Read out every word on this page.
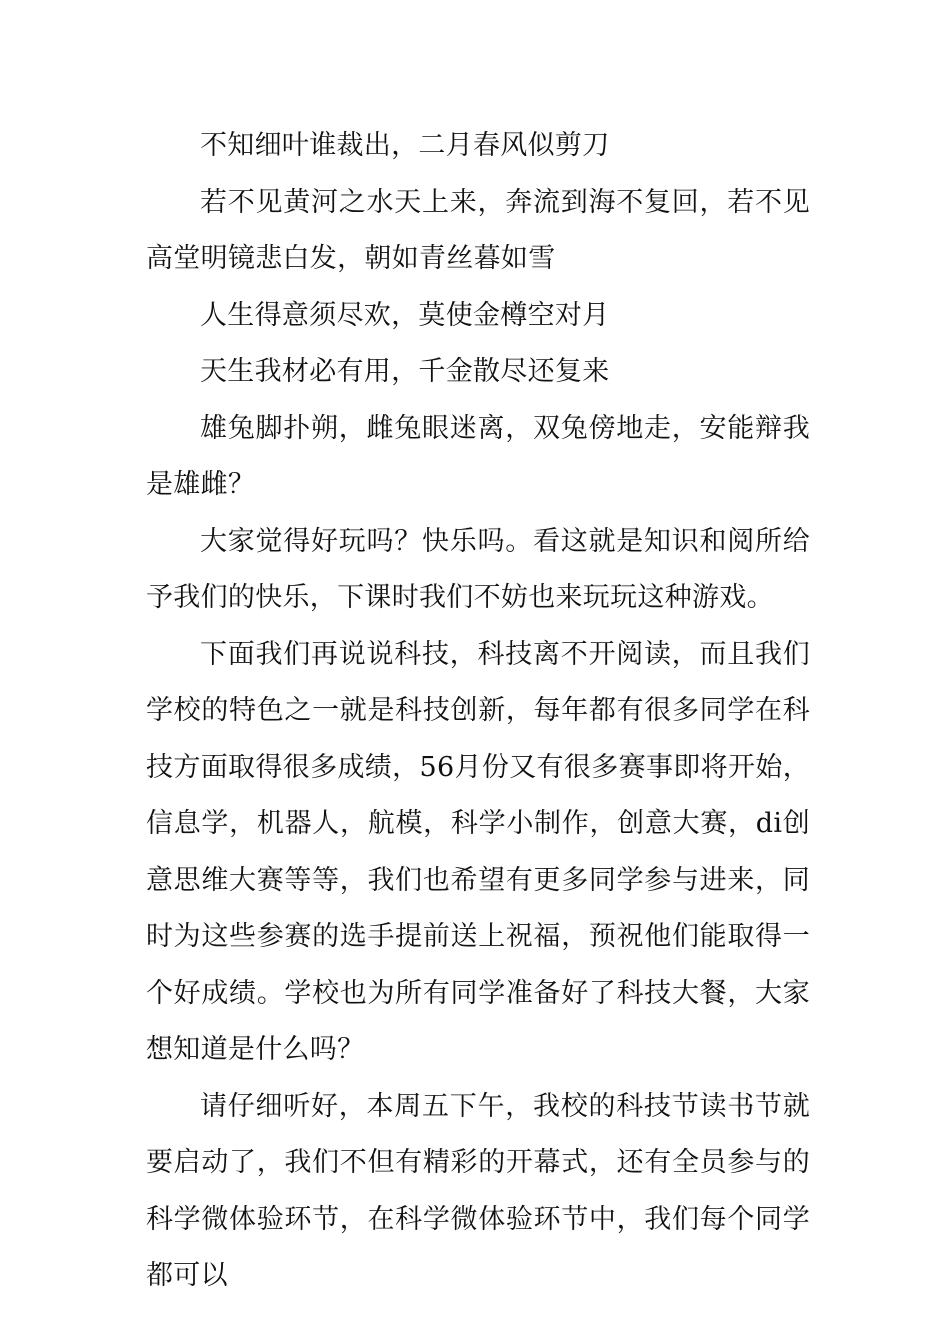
不知细叶谁裁出，二月春风似剪刀

若不见黄河之水天上来，奔流到海不复回，若不见高堂明镜悲白发，朝如青丝暮如雪

人生得意须尽欢，莫使金樽空对月

天生我材必有用，千金散尽还复来

雄兔脚扑朔，雌兔眼迷离，双兔傍地走，安能辩我是雄雌？

大家觉得好玩吗？快乐吗。看这就是知识和阅所给予我们的快乐，下课时我们不妨也来玩玩这种游戏。

下面我们再说说科技，科技离不开阅读，而且我们学校的特色之一就是科技创新，每年都有很多同学在科技方面取得很多成绩，56月份又有很多赛事即将开始，信息学，机器人，航模，科学小制作，创意大赛，di创意思维大赛等等，我们也希望有更多同学参与进来，同时为这些参赛的选手提前送上祝福，预祝他们能取得一个好成绩。学校也为所有同学准备好了科技大餐，大家想知道是什么吗？

请仔细听好，本周五下午，我校的科技节读书节就要启动了，我们不但有精彩的开幕式，还有全员参与的科学微体验环节，在科学微体验环节中，我们每个同学都可以
